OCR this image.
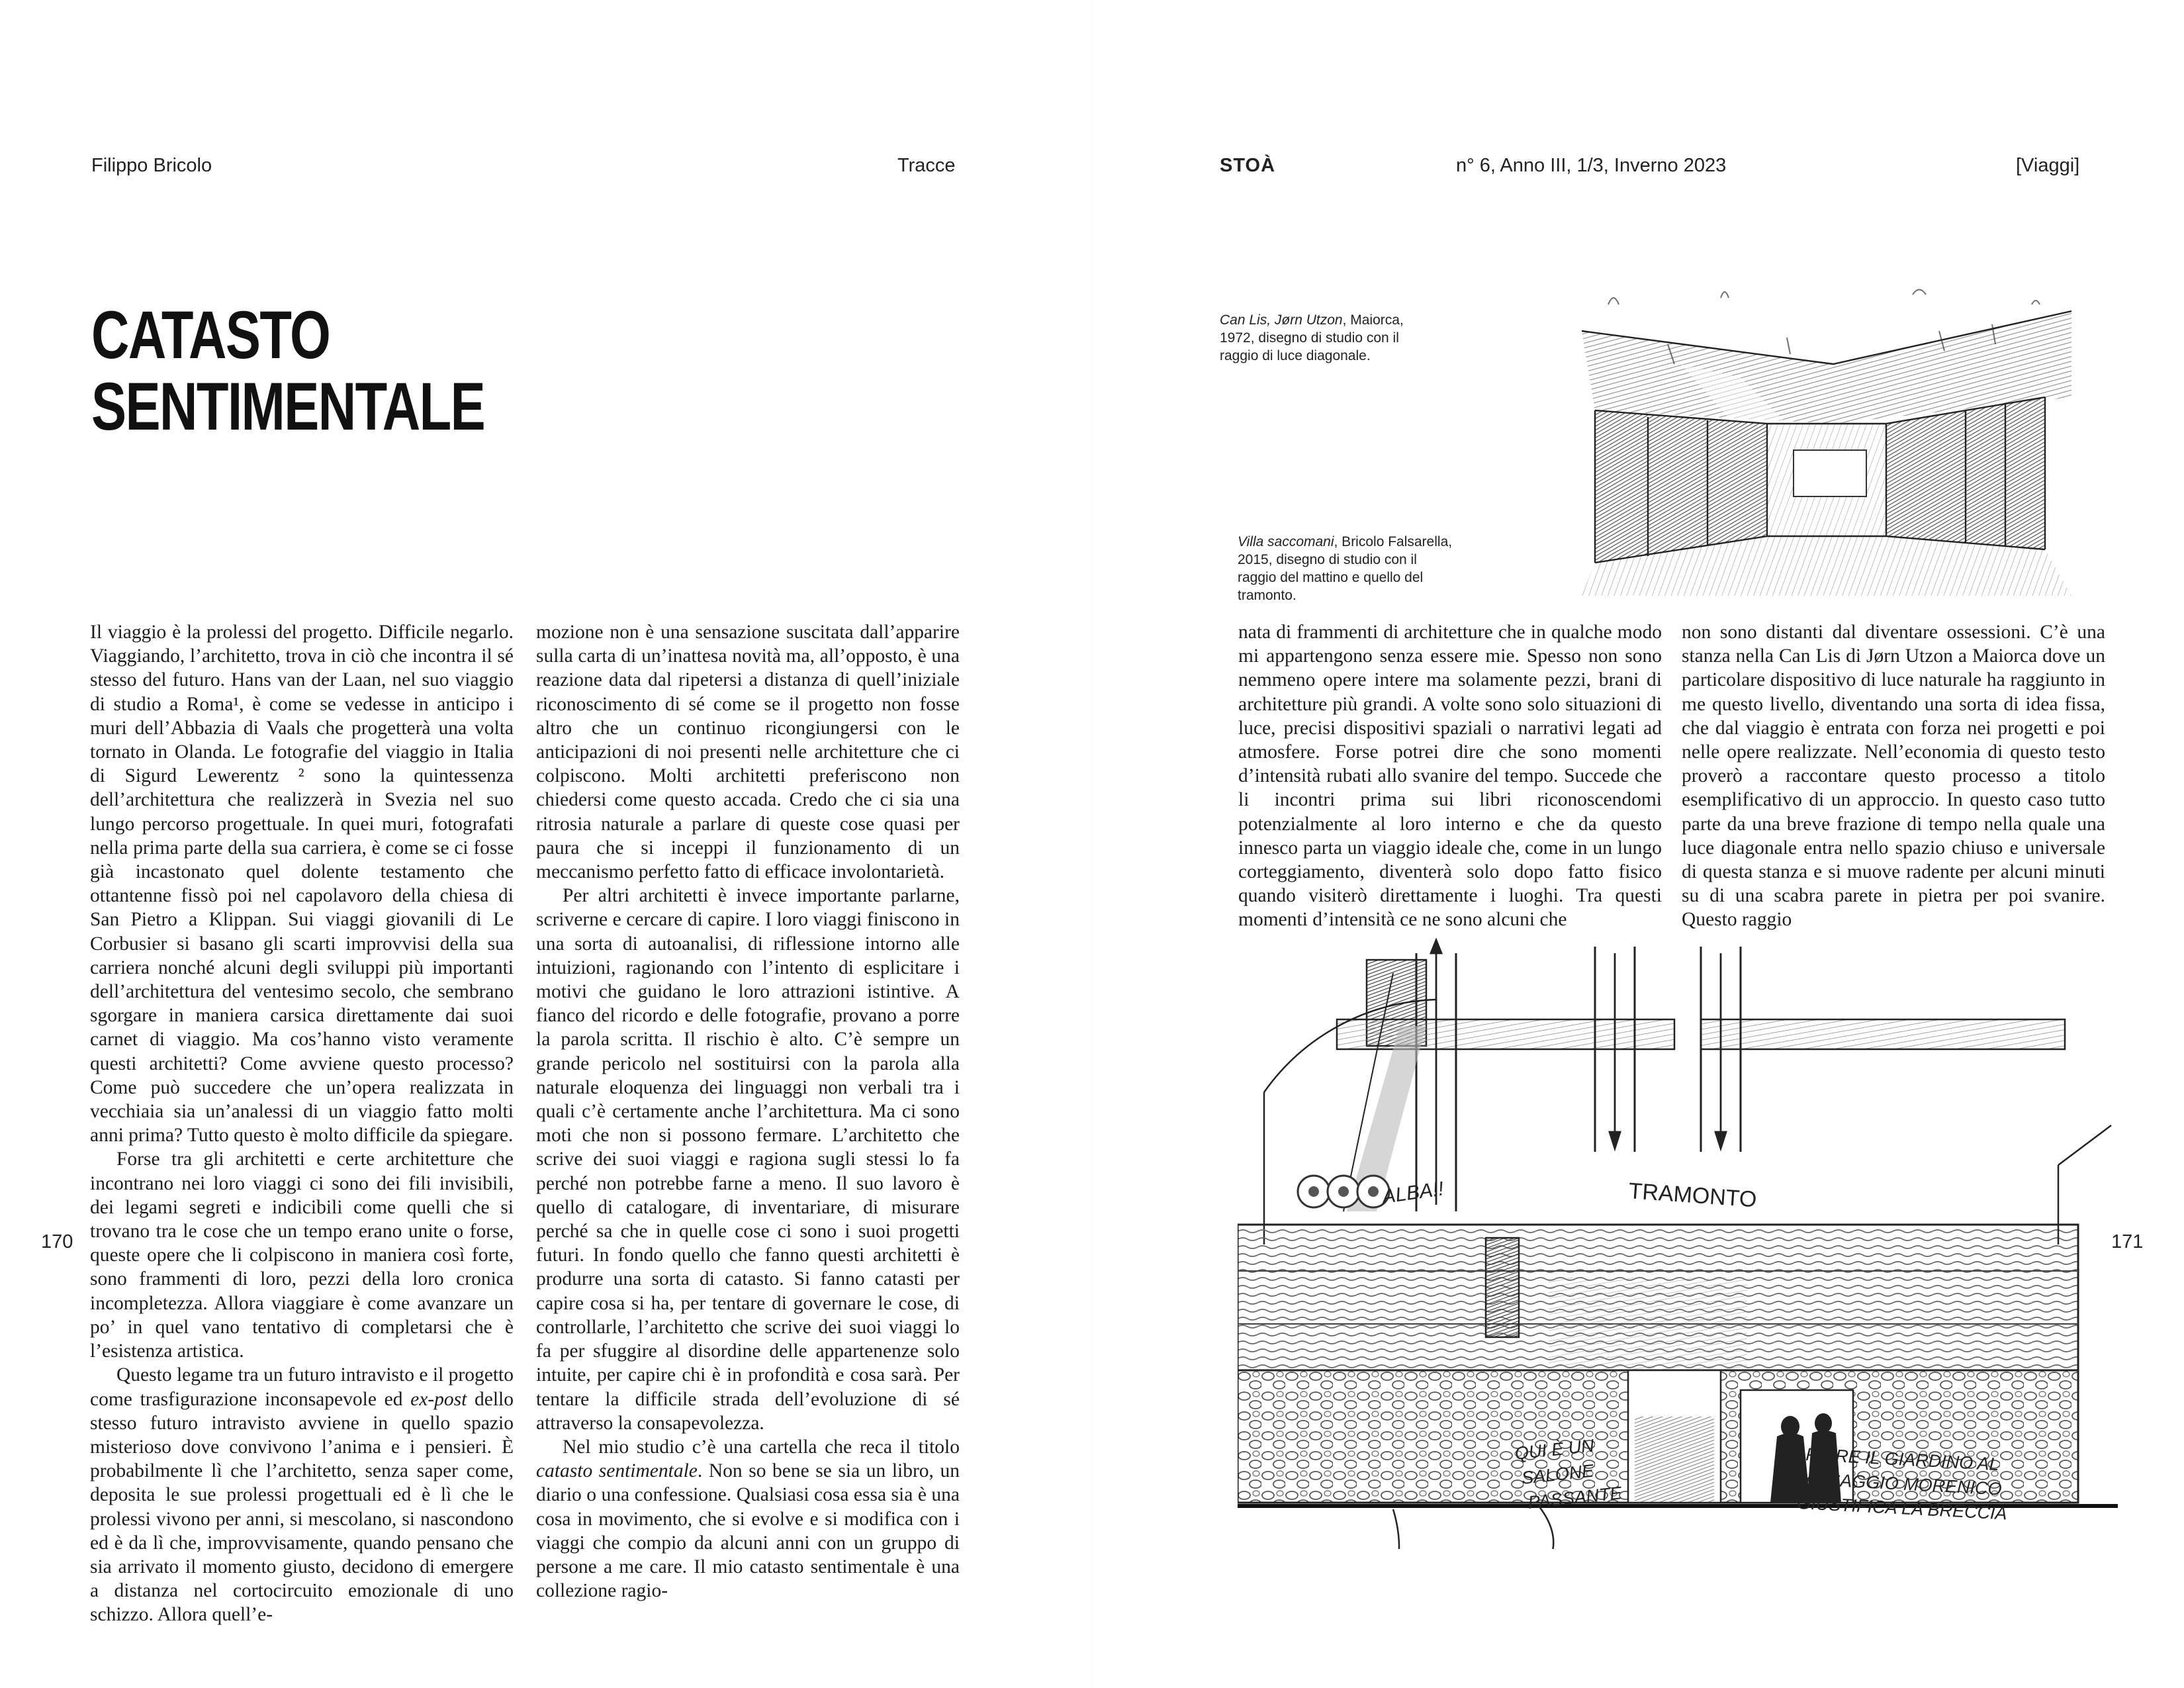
Filippo Bricolo	Tracce	STOÀ	n° 6, Anno III, 1/3, Inverno 2023	[Viaggi]
CATASTO
SENTIMENTALE

Il viaggio è la prolessi del progetto. Difficile negarlo. Viaggiando, l’architetto, trova in ciò che incontra il sé stesso del futuro. Hans van der Laan, nel suo viaggio di studio a Roma¹, è come se vedesse in anticipo i muri dell’Abbazia di Vaals che progetterà una volta tornato in Olanda. Le fotografie del viaggio in Italia di Sigurd Lewerentz ² sono la quintessenza dell’architettura che realizzerà in Svezia nel suo lungo percorso progettuale. In quei muri, fotografati nella prima parte della sua carriera, è come se ci fosse già incastonato quel dolente testamento che ottantenne fissò poi nel capolavoro della chiesa di San Pietro a Klippan. Sui viaggi giovanili di Le Corbusier si basano gli scarti improvvisi della sua carriera nonché alcuni degli sviluppi più importanti dell’architettura del ventesimo secolo, che sembrano sgorgare in maniera carsica direttamente dai suoi carnet di viaggio. Ma cos’hanno visto veramente questi architetti? Come avviene questo processo? Come può succedere che un’opera realizzata in vecchiaia sia un’analessi di un viaggio fatto molti anni prima? Tutto questo è molto difficile da spiegare.

Forse tra gli architetti e certe architetture che incontrano nei loro viaggi ci sono dei fili invisibili, dei legami segreti e indicibili come quelli che si trovano tra le cose che un tempo erano unite o forse, queste opere che li colpiscono in maniera così forte, sono frammenti di loro, pezzi della loro cronica incompletezza. Allora viaggiare è come avanzare un po’ in quel vano tentativo di completarsi che è l’esistenza artistica.

Questo legame tra un futuro intravisto e il progetto come trasfigurazione inconsapevole ed ex-post dello stesso futuro intravisto avviene in quello spazio misterioso dove convivono l’anima e i pensieri. È probabilmente lì che l’architetto, senza saper come, deposita le sue prolessi progettuali ed è lì che le prolessi vivono per anni, si mescolano, si nascondono ed è da lì che, improvvisamente, quando pensano che sia arrivato il momento giusto, decidono di emergere a distanza nel cortocircuito emozionale di uno schizzo. Allora quell’e-

mozione non è una sensazione suscitata dall’apparire sulla carta di un’inattesa novità ma, all’opposto, è una reazione data dal ripetersi a distanza di quell’iniziale riconoscimento di sé come se il progetto non fosse altro che un continuo ricongiungersi con le anticipazioni di noi presenti nelle architetture che ci colpiscono. Molti architetti preferiscono non chiedersi come questo accada. Credo che ci sia una ritrosia naturale a parlare di queste cose quasi per paura che si inceppi il funzionamento di un meccanismo perfetto fatto di efficace involontarietà.

Per altri architetti è invece importante parlarne, scriverne e cercare di capire. I loro viaggi finiscono in una sorta di autoanalisi, di riflessione intorno alle intuizioni, ragionando con l’intento di esplicitare i motivi che guidano le loro attrazioni istintive. A fianco del ricordo e delle fotografie, provano a porre la parola scritta. Il rischio è alto. C’è sempre un grande pericolo nel sostituirsi con la parola alla naturale eloquenza dei linguaggi non verbali tra i quali c’è certamente anche l’architettura. Ma ci sono moti che non si possono fermare. L’architetto che scrive dei suoi viaggi e ragiona sugli stessi lo fa perché non potrebbe farne a meno. Il suo lavoro è quello di catalogare, di inventariare, di misurare perché sa che in quelle cose ci sono i suoi progetti futuri. In fondo quello che fanno questi architetti è produrre una sorta di catasto. Si fanno catasti per capire cosa si ha, per tentare di governare le cose, di controllarle, l’architetto che scrive dei suoi viaggi lo fa per sfuggire al disordine delle appartenenze solo intuite, per capire chi è in profondità e cosa sarà. Per tentare la difficile strada dell’evoluzione di sé attraverso la consapevolezza.

Nel mio studio c’è una cartella che reca il titolo catasto sentimentale. Non so bene se sia un libro, un diario o una confessione. Qualsiasi cosa essa sia è una cosa in movimento, che si evolve e si modifica con i viaggi che compio da alcuni anni con un gruppo di persone a me care. Il mio catasto sentimentale è una collezione ragio-

nata di frammenti di architetture che in qualche modo mi appartengono senza essere mie. Spesso non sono nemmeno opere intere ma solamente pezzi, brani di architetture più grandi. A volte sono solo situazioni di luce, precisi dispositivi spaziali o narrativi legati ad atmosfere. Forse potrei dire che sono momenti d’intensità rubati allo svanire del tempo. Succede che li incontri prima sui libri riconoscendomi potenzialmente al loro interno e che da questo innesco parta un viaggio ideale che, come in un lungo corteggiamento, diventerà solo dopo fatto fisico quando visiterò direttamente i luoghi. Tra questi momenti d’intensità ce ne sono alcuni che

non sono distanti dal diventare ossessioni. C’è una stanza nella Can Lis di Jørn Utzon a Maiorca dove un particolare dispositivo di luce naturale ha raggiunto in me questo livello, diventando una sorta di idea fissa, che dal viaggio è entrata con forza nei progetti e poi nelle opere realizzate. Nell’economia di questo testo proverò a raccontare questo processo a titolo esemplificativo di un approccio. In questo caso tutto parte da una breve frazione di tempo nella quale una luce diagonale entra nello spazio chiuso e universale di questa stanza e si muove radente per alcuni minuti su di una scabra parete in pietra per poi svanire. Questo raggio

170	171
Can Lis, Jørn Utzon, Maiorca, 1972, disegno di studio con il raggio di luce diagonale.
Villa saccomani, Bricolo Falsarella, 2015, disegno di studio con il raggio del mattino e quello del tramonto.
ALBA!!	TRAMONTO
QUI È UN
SALONE
PASSANTE
APRIRE IL GIARDINO AL
PAESAGGIO MORENICO
GIUSTIFICA LA BRECCIA
